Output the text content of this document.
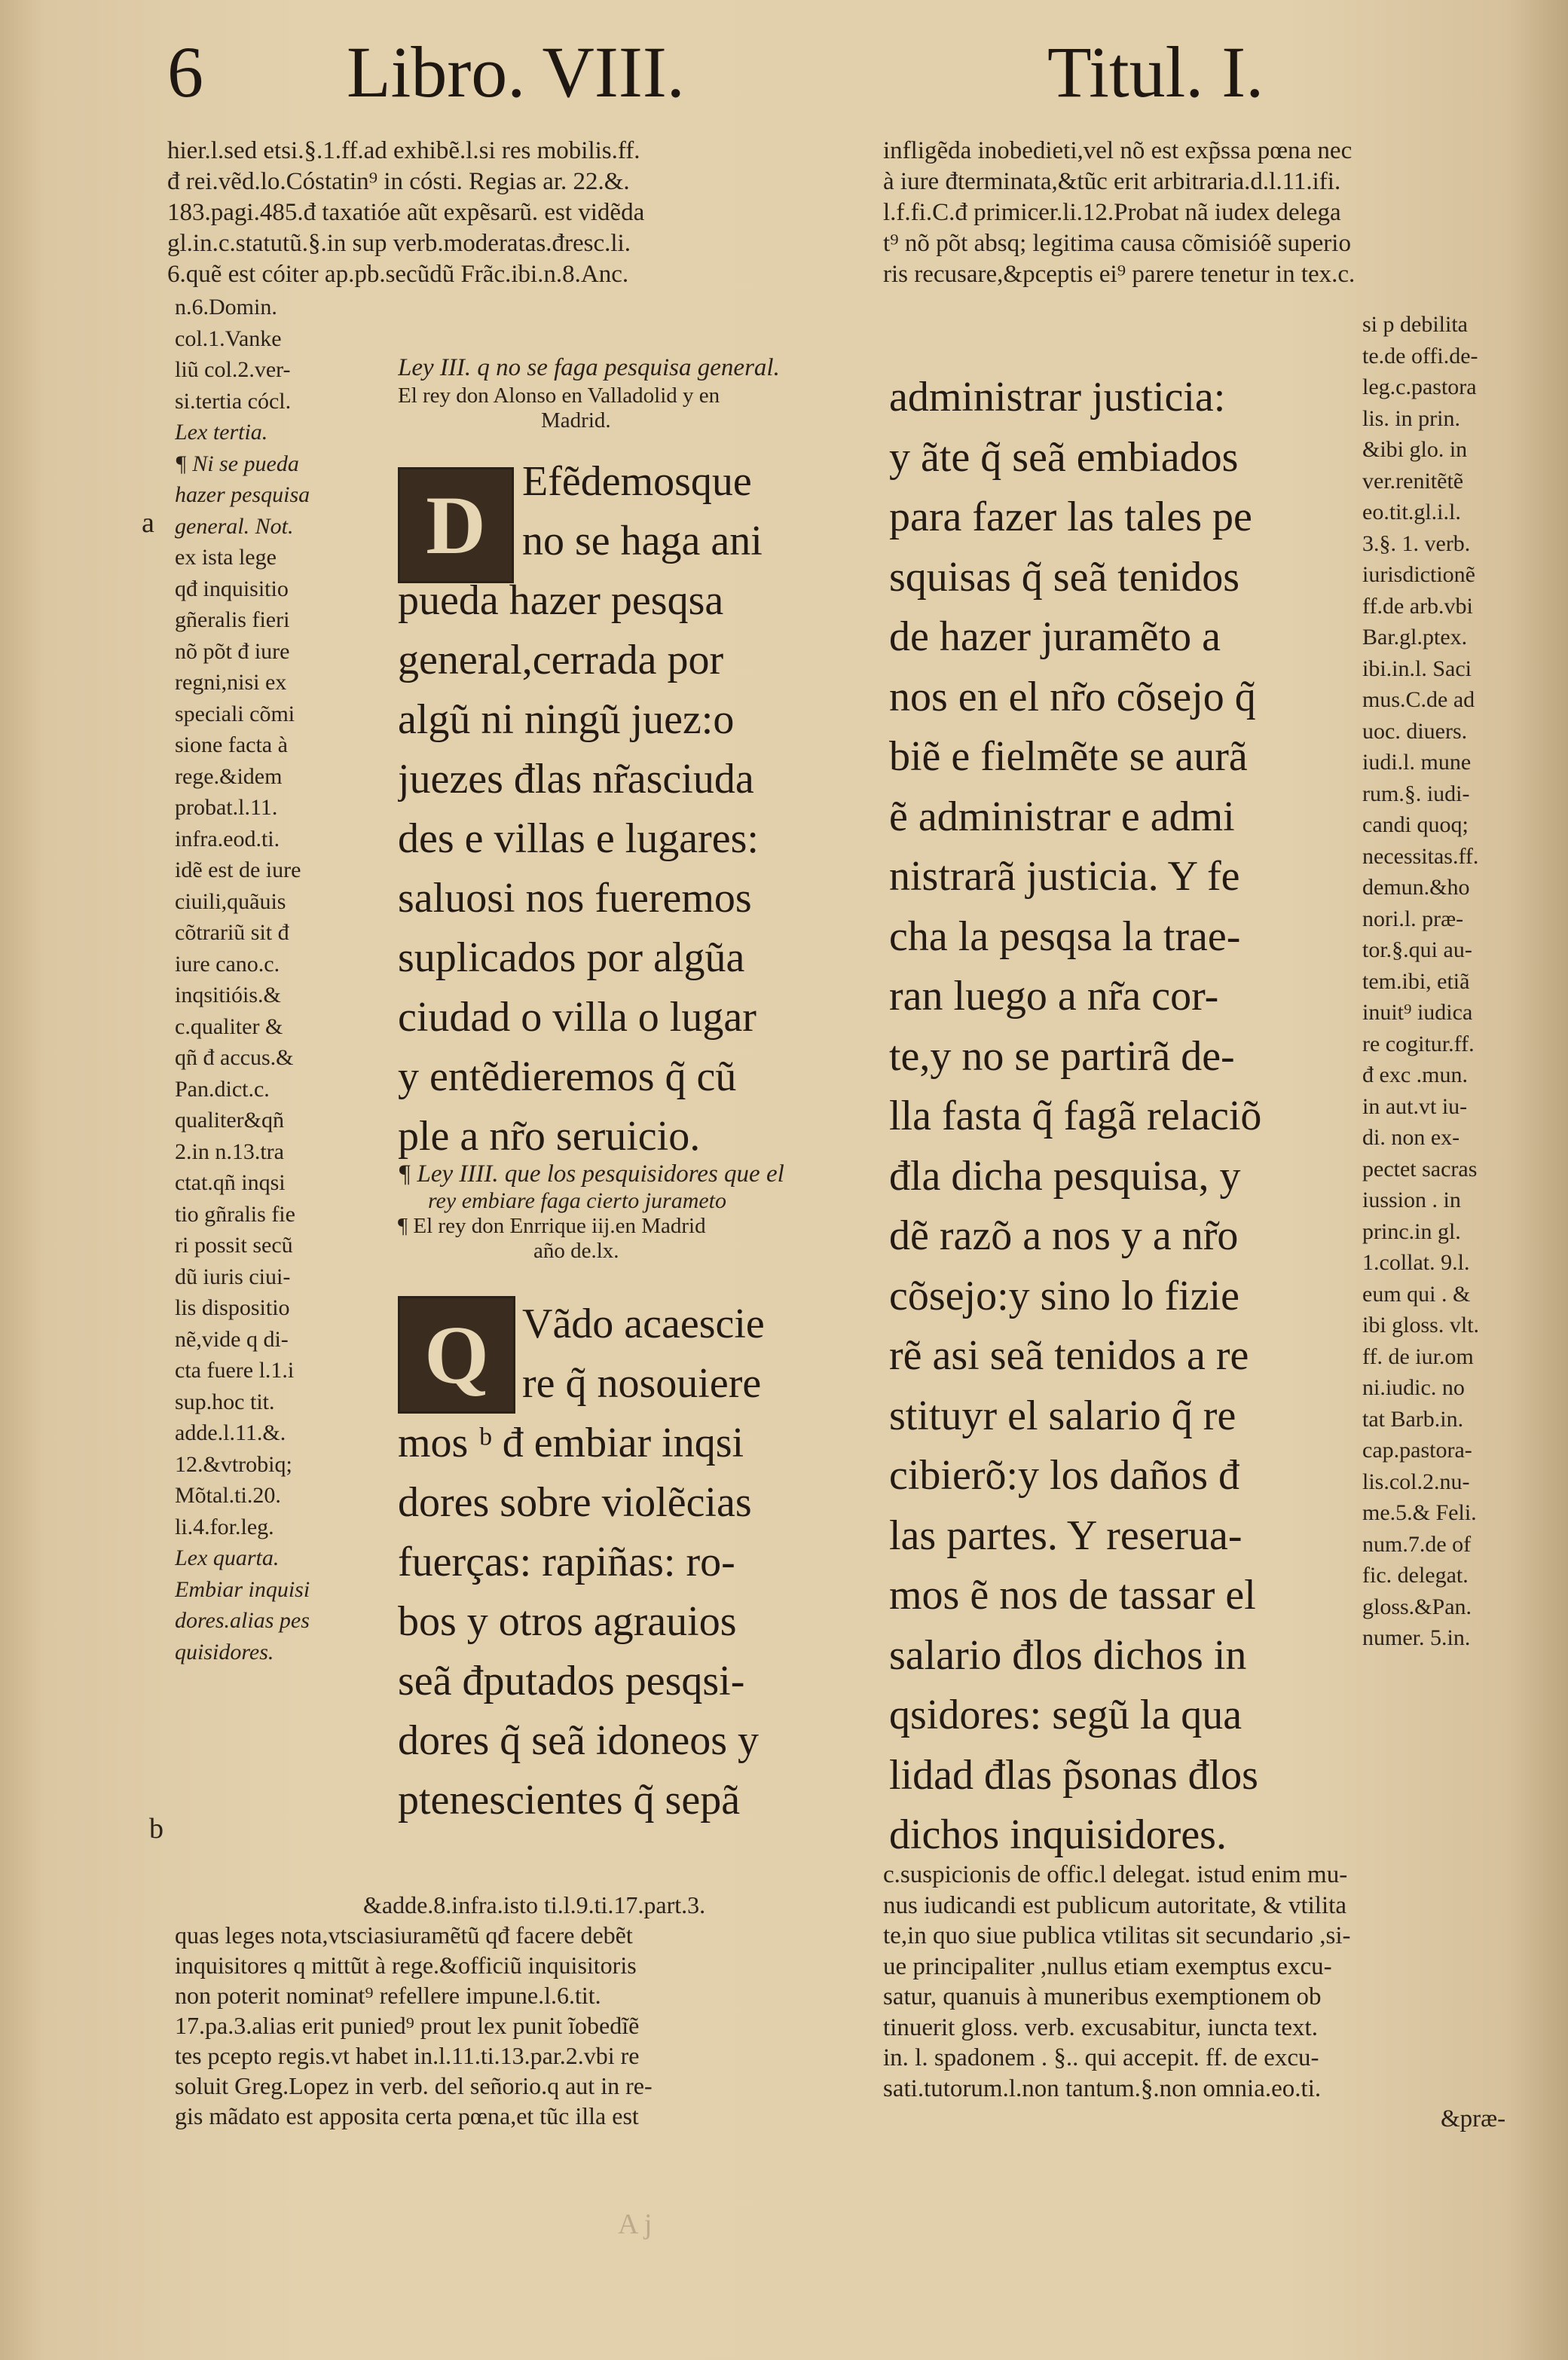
6 Libro. VIII.	Titul. I.
hier.l.sed etsi.§.1.ff.ad exhibẽ.l.si res mobilis.ff.
đ rei.vẽd.lo.Cóstatin⁹ in cósti. Regias ar. 22.&.
183.pagi.485.đ taxatióe aũt expẽsarũ. est vidẽda
gl.in.c.statutũ.§.in sup verb.moderatas.đresc.li.
6.quẽ est cóiter ap.pb.secũdũ Frãc.ibi.n.8.Anc.
n.6.Domin.
col.1.Vanke
liũ col.2.ver-
si.tertia cócl.
Lex tertia.
¶ Ni se pueda
hazer pesquisa
general. Not.
ex ista lege
qđ inquisitio
gñeralis fieri
nõ põt đ iure
regni,nisi ex
speciali cõmi
sione facta à
rege.&idem
probat.l.11.
infra.eod.ti.
idẽ est de iure
ciuili,quãuis
cõtrariũ sit đ
iure cano.c.
inqsitióis.&
c.qualiter &
qñ đ accus.&
Pan.dict.c.
qualiter&qñ
2.in n.13.tra
ctat.qñ inqsi
tio gñralis fie
ri possit secũ
dũ iuris ciui-
lis dispositio
nẽ,vide q di-
cta fuere l.1.i
sup.hoc tit.
adde.l.11.&.
12.&vtrobiq;
Mõtal.ti.20.
li.4.for.leg.
Lex quarta.
Embiar inquisi
dores.alias pes
quisidores.
a
b
Ley III. q no se faga pesquisa general.
El rey don Alonso en Valladolid y en
Madrid.
D Efẽdemosque
no se haga ani
pueda hazer pesqsa
general,cerrada por
algũ ni ningũ juez:o
juezes đlas nr̃asciuda
des e villas e lugares:
saluosi nos fueremos
suplicados por algũa
ciudad o villa o lugar
y entẽdieremos q̃ cũ
ple a nr̃o seruicio.
¶ Ley IIII. que los pesquisidores que el
rey embiare faga cierto jurameto
¶ El rey don Enrrique iij.en Madrid
año de.lx.
Q Vãdo acaescie
re q̃ nosouiere
mos ᵇ đ embiar inqsi
dores sobre violẽcias
fuerças: rapiñas: ro-
bos y otros agrauios
seã đputados pesqsi-
dores q̃ seã idoneos y
ptenescientes q̃ sepã
&adde.8.infra.isto ti.l.9.ti.17.part.3.
quas leges nota,vtsciasiuramẽtũ qđ facere debẽt
inquisitores q mittũt à rege.&officiũ inquisitoris
non poterit nominat⁹ refellere impune.l.6.tit.
17.pa.3.alias erit punied⁹ prout lex punit ĩobedĩẽ
tes pcepto regis.vt habet in.l.11.ti.13.par.2.vbi re
soluit Greg.Lopez in verb. del señorio.q aut in re-
gis mãdato est apposita certa pœna,et tũc illa est
infligẽda inobedieti,vel nõ est exp̃ssa pœna nec
à iure đterminata,&tũc erit arbitraria.d.l.11.ifi.
l.f.fi.C.đ primicer.li.12.Probat nã iudex delega
t⁹ nõ põt absq; legitima causa cõmisióẽ superio
ris recusare,&pceptis ei⁹ parere tenetur in tex.c.
administrar justicia:
y ãte q̃ seã embiados
para fazer las tales pe
squisas q̃ seã tenidos
de hazer juramẽto a
nos en el nr̃o cõsejo q̃
biẽ e fielmẽte se aurã
ẽ administrar e admi
nistrarã justicia. Y fe
cha la pesqsa la trae-
ran luego a nr̃a cor-
te,y no se partirã de-
lla fasta q̃ fagã relaciõ
đla dicha pesquisa, y
dẽ razõ a nos y a nr̃o
cõsejo:y sino lo fizie
rẽ asi seã tenidos a re
stituyr el salario q̃ re
cibierõ:y los daños đ
las partes. Y reserua-
mos ẽ nos de tassar el
salario đlos dichos in
qsidores: segũ la qua
lidad đlas p̃sonas đlos
dichos inquisidores.
si p debilita
te.de offi.de-
leg.c.pastora
lis. in prin.
&ibi glo. in
ver.renitẽtẽ
eo.tit.gl.i.l.
3.§. 1. verb.
iurisdictionẽ
ff.de arb.vbi
Bar.gl.ptex.
ibi.in.l. Saci
mus.C.de ad
uoc. diuers.
iudi.l. mune
rum.§. iudi-
candi quoq;
necessitas.ff.
demun.&ho
nori.l. præ-
tor.§.qui au-
tem.ibi, etiã
inuit⁹ iudica
re cogitur.ff.
đ exc .mun.
in aut.vt iu-
di. non ex-
pectet sacras
iussion . in
princ.in gl.
1.collat. 9.l.
eum qui . &
ibi gloss. vlt.
ff. de iur.om
ni.iudic. no
tat Barb.in.
cap.pastora-
lis.col.2.nu-
me.5.& Feli.
num.7.de of
fic. delegat.
gloss.&Pan.
numer. 5.in.
c.suspicionis de offic.l delegat. istud enim mu-
nus iudicandi est publicum autoritate, & vtilita
te,in quo siue publica vtilitas sit secundario ,si-
ue principaliter ,nullus etiam exemptus excu-
satur, quanuis à muneribus exemptionem ob
tinuerit gloss. verb. excusabitur, iuncta text.
in. l. spadonem . §.. qui accepit. ff. de excu-
sati.tutorum.l.non tantum.§.non omnia.eo.ti.
&præ-
A j
